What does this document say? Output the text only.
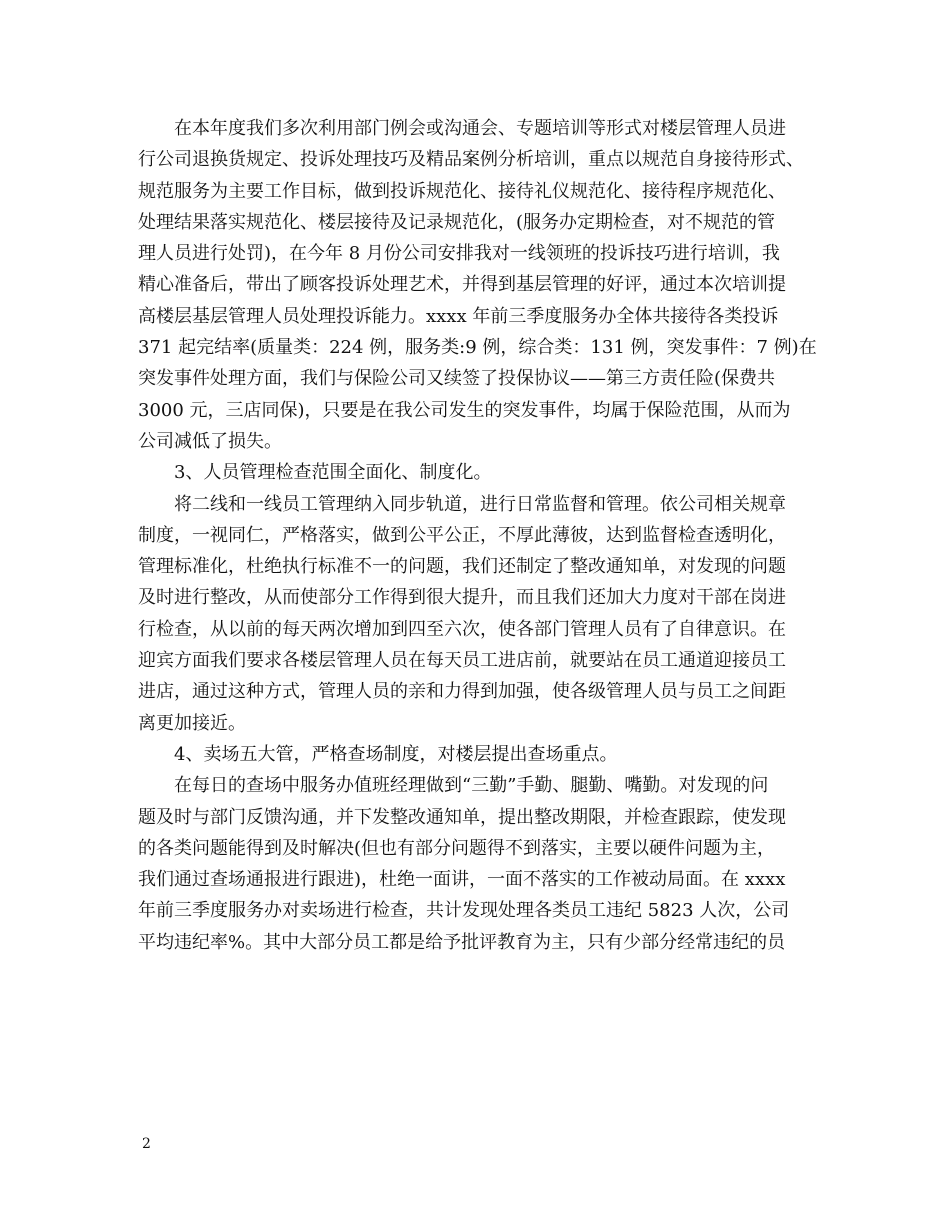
在本年度我们多次利用部门例会或沟通会、专题培训等形式对楼层管理人员进
行公司退换货规定、投诉处理技巧及精品案例分析培训，重点以规范自身接待形式、
规范服务为主要工作目标，做到投诉规范化、接待礼仪规范化、接待程序规范化、
处理结果落实规范化、楼层接待及记录规范化，(服务办定期检查，对不规范的管
理人员进行处罚)，在今年 8 月份公司安排我对一线领班的投诉技巧进行培训，我
精心准备后，带出了顾客投诉处理艺术，并得到基层管理的好评，通过本次培训提
高楼层基层管理人员处理投诉能力。xxxx 年前三季度服务办全体共接待各类投诉
371 起完结率(质量类：224 例，服务类:9 例，综合类：131 例，突发事件：7 例)在
突发事件处理方面，我们与保险公司又续签了投保协议——第三方责任险(保费共
3000 元，三店同保)，只要是在我公司发生的突发事件，均属于保险范围，从而为
公司减低了损失。
3、人员管理检查范围全面化、制度化。
将二线和一线员工管理纳入同步轨道，进行日常监督和管理。依公司相关规章
制度，一视同仁，严格落实，做到公平公正，不厚此薄彼，达到监督检查透明化，
管理标准化，杜绝执行标准不一的问题，我们还制定了整改通知单，对发现的问题
及时进行整改，从而使部分工作得到很大提升，而且我们还加大力度对干部在岗进
行检查，从以前的每天两次增加到四至六次，使各部门管理人员有了自律意识。在
迎宾方面我们要求各楼层管理人员在每天员工进店前，就要站在员工通道迎接员工
进店，通过这种方式，管理人员的亲和力得到加强，使各级管理人员与员工之间距
离更加接近。
4、卖场五大管，严格查场制度，对楼层提出查场重点。
在每日的查场中服务办值班经理做到“三勤”手勤、腿勤、嘴勤。对发现的问
题及时与部门反馈沟通，并下发整改通知单，提出整改期限，并检查跟踪，使发现
的各类问题能得到及时解决(但也有部分问题得不到落实，主要以硬件问题为主，
我们通过查场通报进行跟进)，杜绝一面讲，一面不落实的工作被动局面。在 xxxx
年前三季度服务办对卖场进行检查，共计发现处理各类员工违纪 5823 人次，公司
平均违纪率%。其中大部分员工都是给予批评教育为主，只有少部分经常违纪的员
2
